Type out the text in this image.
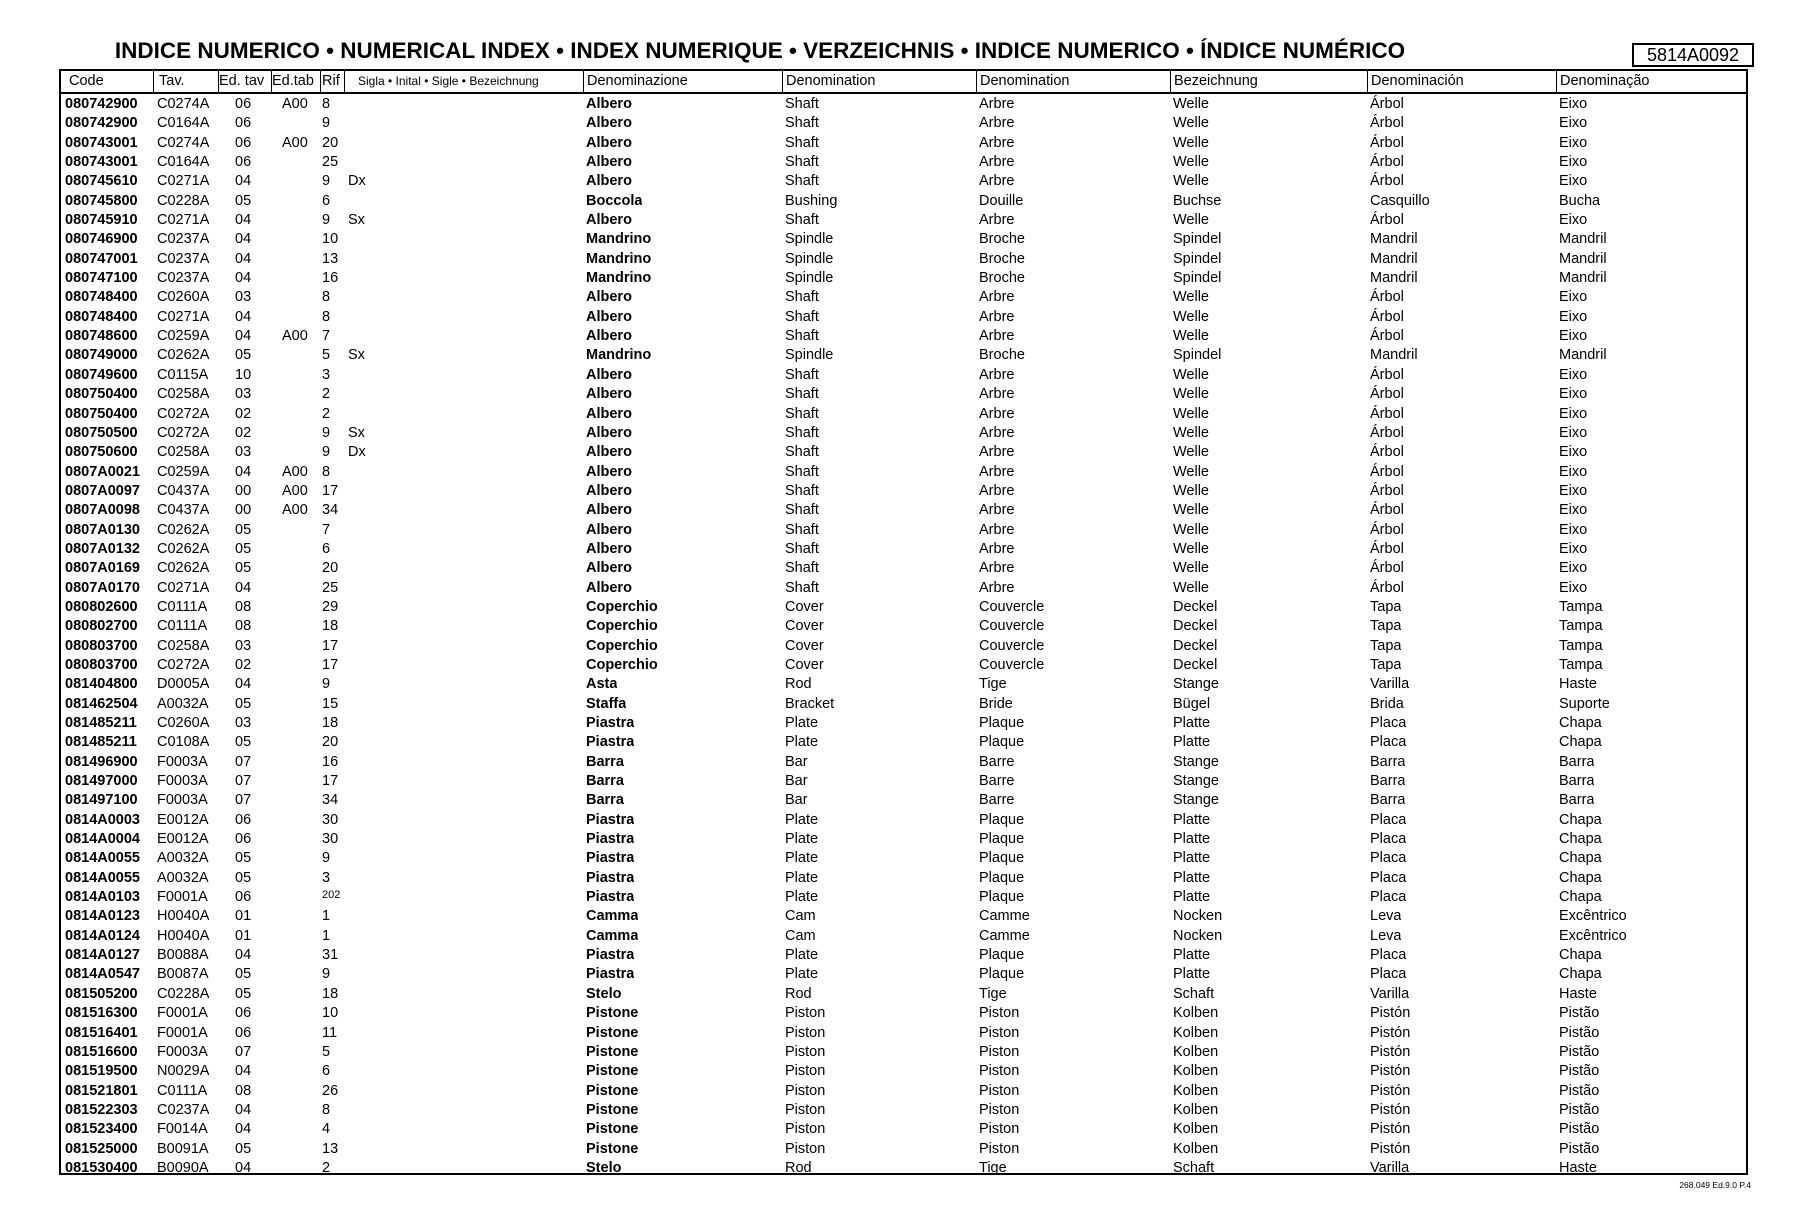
INDICE NUMERICO • NUMERICAL INDEX • INDEX NUMERIQUE • VERZEICHNIS • INDICE NUMERICO • ÍNDICE NUMÉRICO	5814A0092
Code	Tav. Ed. tav Ed.tab Rif Sigla • Inital • Sigle • Bezeichnung	Denominazione	Denomination	Denomination	Bezeichnung	Denominación	Denominação
080742900 C0274A 06 A00 8	Albero	Shaft	Arbre	Welle	Árbol	Eixo
080742900 C0164A 06	9	Albero	Shaft	Arbre	Welle	Árbol	Eixo
080743001 C0274A 06 A00 20	Albero	Shaft	Arbre	Welle	Árbol	Eixo
080743001 C0164A 06	25	Albero	Shaft	Arbre	Welle	Árbol	Eixo
080745610 C0271A 04	9 Dx	Albero	Shaft	Arbre	Welle	Árbol	Eixo
080745800 C0228A 05	6	Boccola	Bushing	Douille	Buchse	Casquillo	Bucha
080745910 C0271A 04	9 Sx	Albero	Shaft	Arbre	Welle	Árbol	Eixo
080746900 C0237A 04	10	Mandrino	Spindle	Broche	Spindel	Mandril	Mandril
080747001 C0237A 04	13	Mandrino	Spindle	Broche	Spindel	Mandril	Mandril
080747100 C0237A 04	16	Mandrino	Spindle	Broche	Spindel	Mandril	Mandril
080748400 C0260A 03	8	Albero	Shaft	Arbre	Welle	Árbol	Eixo
080748400 C0271A 04	8	Albero	Shaft	Arbre	Welle	Árbol	Eixo
080748600 C0259A 04 A00 7	Albero	Shaft	Arbre	Welle	Árbol	Eixo
080749000 C0262A 05	5 Sx	Mandrino	Spindle	Broche	Spindel	Mandril	Mandril
080749600 C0115A 10	3	Albero	Shaft	Arbre	Welle	Árbol	Eixo
080750400 C0258A 03	2	Albero	Shaft	Arbre	Welle	Árbol	Eixo
080750400 C0272A 02	2	Albero	Shaft	Arbre	Welle	Árbol	Eixo
080750500 C0272A 02	9 Sx	Albero	Shaft	Arbre	Welle	Árbol	Eixo
080750600 C0258A 03	9 Dx	Albero	Shaft	Arbre	Welle	Árbol	Eixo
0807A0021 C0259A 04 A00 8	Albero	Shaft	Arbre	Welle	Árbol	Eixo
0807A0097 C0437A 00 A00 17	Albero	Shaft	Arbre	Welle	Árbol	Eixo
0807A0098 C0437A 00 A00 34	Albero	Shaft	Arbre	Welle	Árbol	Eixo
0807A0130 C0262A 05	7	Albero	Shaft	Arbre	Welle	Árbol	Eixo
0807A0132 C0262A 05	6	Albero	Shaft	Arbre	Welle	Árbol	Eixo
0807A0169 C0262A 05	20	Albero	Shaft	Arbre	Welle	Árbol	Eixo
0807A0170 C0271A 04	25	Albero	Shaft	Arbre	Welle	Árbol	Eixo
080802600 C0111A 08	29	Coperchio	Cover	Couvercle	Deckel	Tapa	Tampa
080802700 C0111A 08	18	Coperchio	Cover	Couvercle	Deckel	Tapa	Tampa
080803700 C0258A 03	17	Coperchio	Cover	Couvercle	Deckel	Tapa	Tampa
080803700 C0272A 02	17	Coperchio	Cover	Couvercle	Deckel	Tapa	Tampa
081404800 D0005A 04	9	Asta	Rod	Tige	Stange	Varilla	Haste
081462504 A0032A 05	15	Staffa	Bracket	Bride	Bügel	Brida	Suporte
081485211 C0260A 03	18	Piastra	Plate	Plaque	Platte	Placa	Chapa
081485211 C0108A 05	20	Piastra	Plate	Plaque	Platte	Placa	Chapa
081496900 F0003A 07	16	Barra	Bar	Barre	Stange	Barra	Barra
081497000 F0003A 07	17	Barra	Bar	Barre	Stange	Barra	Barra
081497100 F0003A 07	34	Barra	Bar	Barre	Stange	Barra	Barra
0814A0003 E0012A 06	30	Piastra	Plate	Plaque	Platte	Placa	Chapa
0814A0004 E0012A 06	30	Piastra	Plate	Plaque	Platte	Placa	Chapa
0814A0055 A0032A 05	9	Piastra	Plate	Plaque	Platte	Placa	Chapa
0814A0055 A0032A 05	3	Piastra	Plate	Plaque	Platte	Placa	Chapa
0814A0103 F0001A 06	202	Piastra	Plate	Plaque	Platte	Placa	Chapa
0814A0123 H0040A 01	1	Camma	Cam	Camme	Nocken	Leva	Excêntrico
0814A0124 H0040A 01	1	Camma	Cam	Camme	Nocken	Leva	Excêntrico
0814A0127 B0088A 04	31	Piastra	Plate	Plaque	Platte	Placa	Chapa
0814A0547 B0087A 05	9	Piastra	Plate	Plaque	Platte	Placa	Chapa
081505200 C0228A 05	18	Stelo	Rod	Tige	Schaft	Varilla	Haste
081516300 F0001A 06	10	Pistone	Piston	Piston	Kolben	Pistón	Pistão
081516401 F0001A 06	11	Pistone	Piston	Piston	Kolben	Pistón	Pistão
081516600 F0003A 07	5	Pistone	Piston	Piston	Kolben	Pistón	Pistão
081519500 N0029A 04	6	Pistone	Piston	Piston	Kolben	Pistón	Pistão
081521801 C0111A 08	26	Pistone	Piston	Piston	Kolben	Pistón	Pistão
081522303 C0237A 04	8	Pistone	Piston	Piston	Kolben	Pistón	Pistão
081523400 F0014A 04	4	Pistone	Piston	Piston	Kolben	Pistón	Pistão
081525000 B0091A 05	13	Pistone	Piston	Piston	Kolben	Pistón	Pistão
081530400 B0090A 04	2	Stelo	Rod	Tige	Schaft	Varilla	Haste
268.049 Ed.9.0 P.4
